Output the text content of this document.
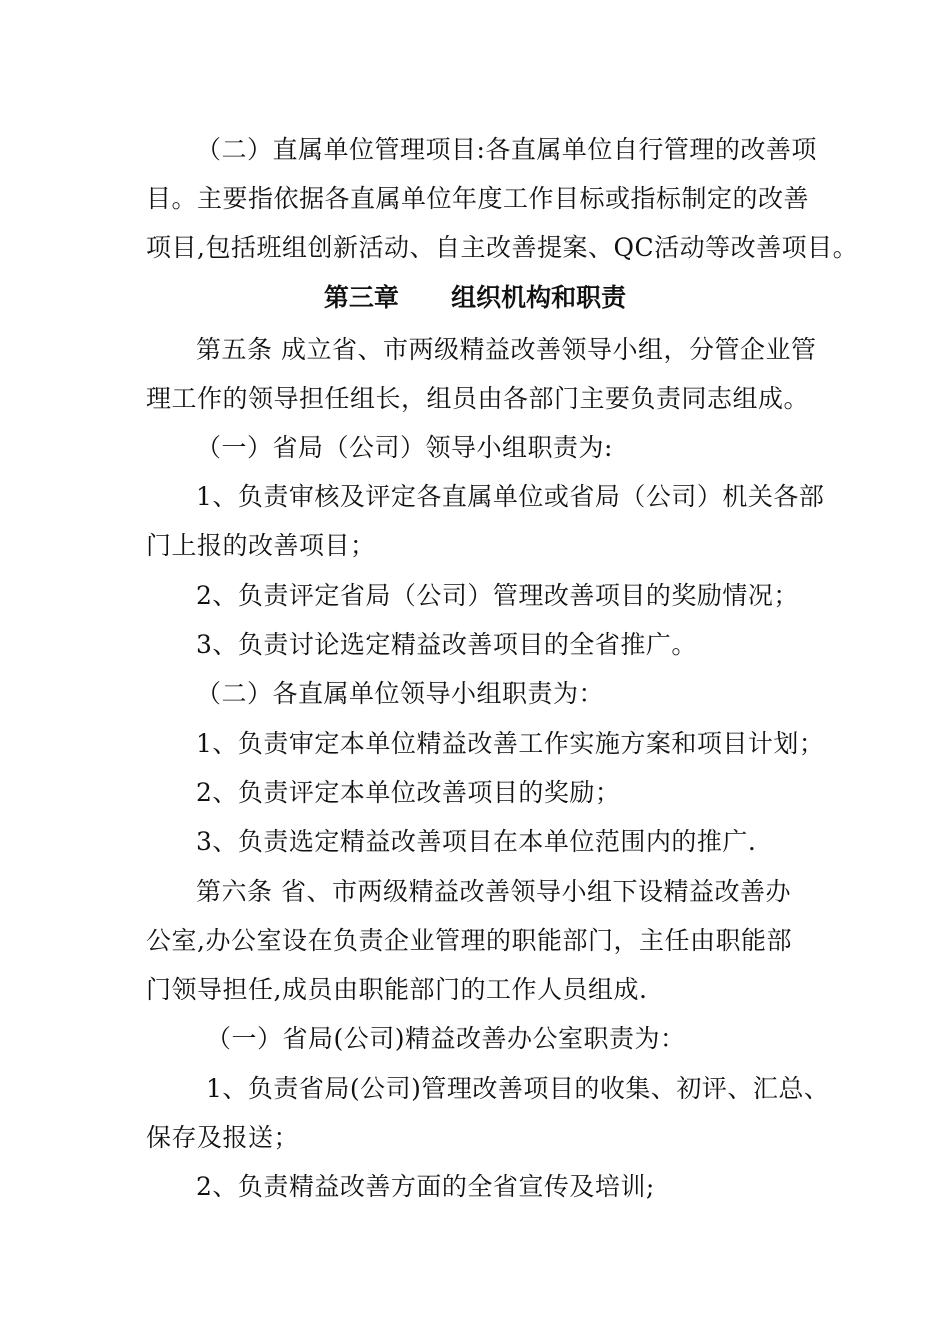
（二）直属单位管理项目:各直属单位自行管理的改善项
目。主要指依据各直属单位年度工作目标或指标制定的改善
项目,包括班组创新活动、自主改善提案、QC活动等改善项目。
第三章      组织机构和职责
第五条 成立省、市两级精益改善领导小组，分管企业管
理工作的领导担任组长，组员由各部门主要负责同志组成。
（一）省局（公司）领导小组职责为:
1、负责审核及评定各直属单位或省局（公司）机关各部
门上报的改善项目；
2、负责评定省局（公司）管理改善项目的奖励情况；
3、负责讨论选定精益改善项目的全省推广。
（二）各直属单位领导小组职责为：
1、负责审定本单位精益改善工作实施方案和项目计划；
2、负责评定本单位改善项目的奖励；
3、负责选定精益改善项目在本单位范围内的推广.
第六条 省、市两级精益改善领导小组下设精益改善办
公室,办公室设在负责企业管理的职能部门，主任由职能部
门领导担任,成员由职能部门的工作人员组成.
（一）省局(公司)精益改善办公室职责为：
1、负责省局(公司)管理改善项目的收集、初评、汇总、
保存及报送；
2、负责精益改善方面的全省宣传及培训;
